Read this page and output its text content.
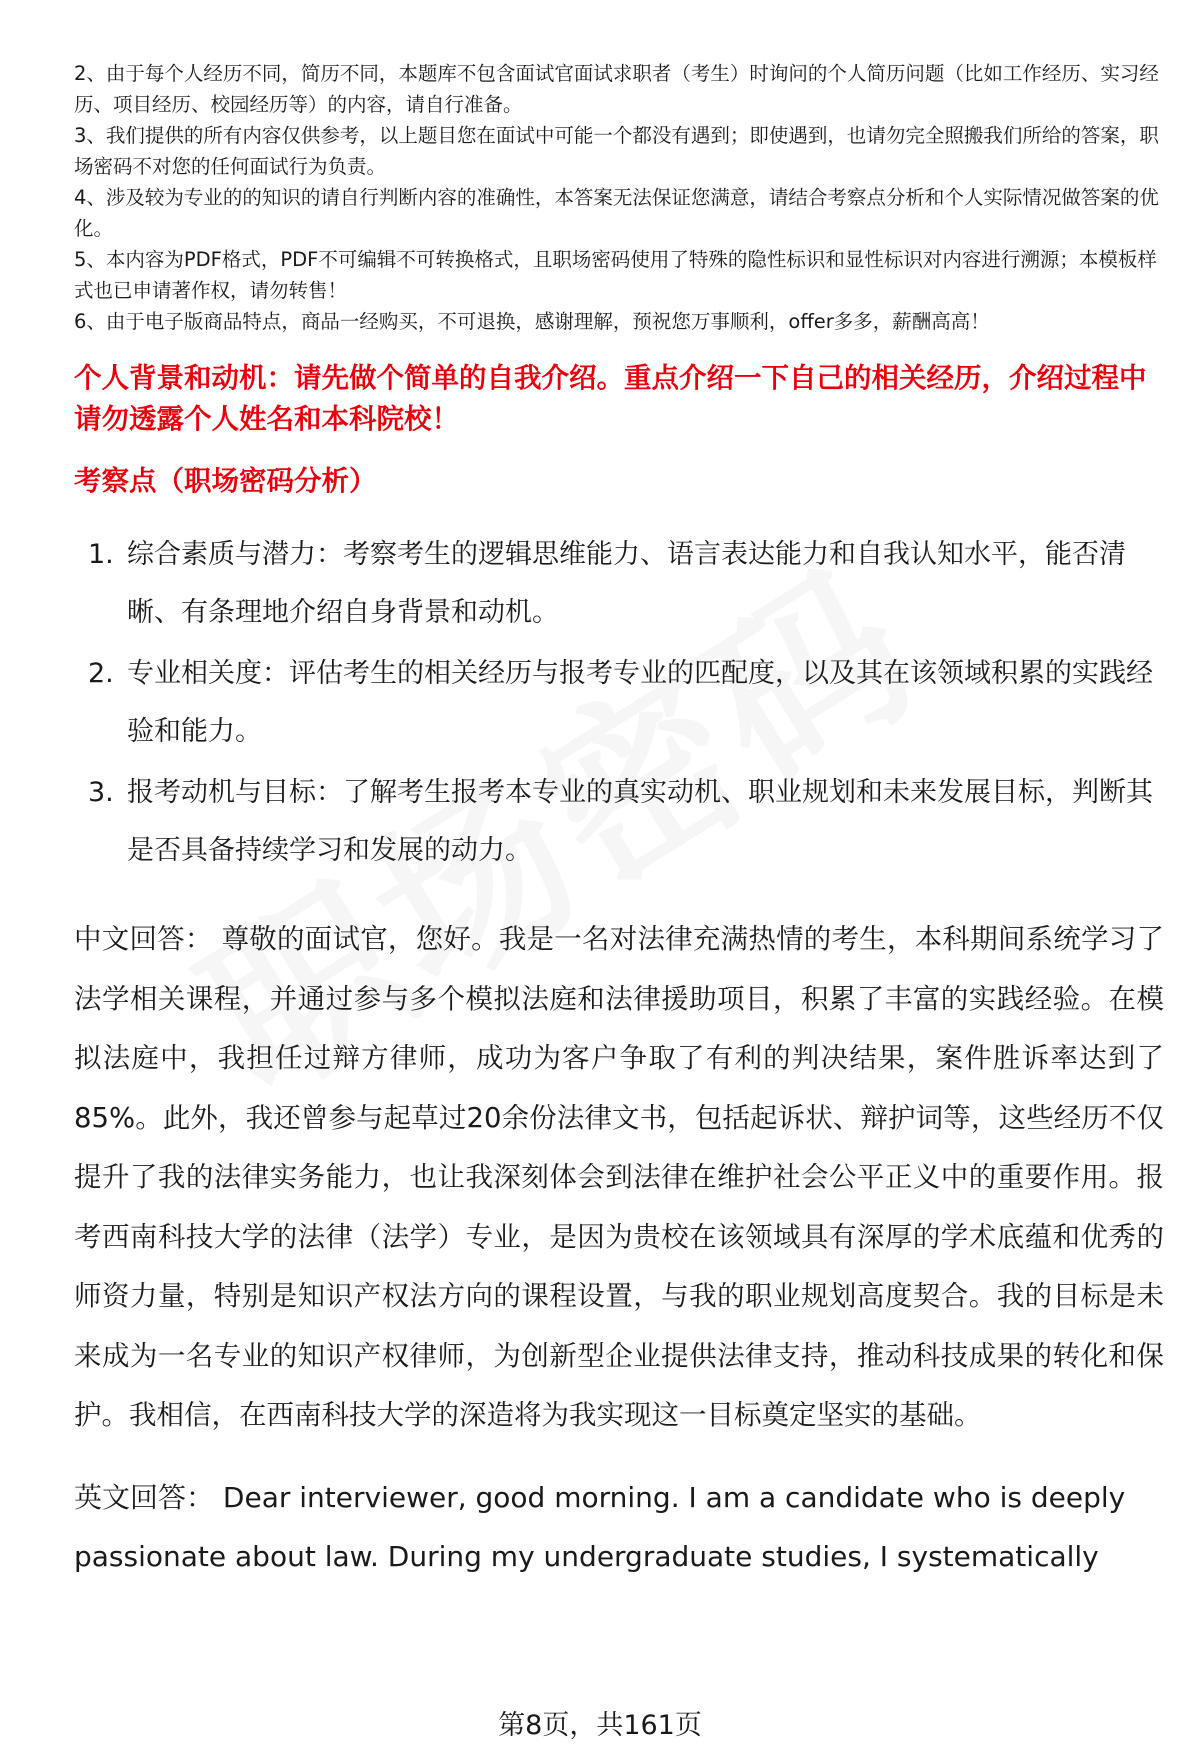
2、由于每个人经历不同，简历不同，本题库不包含面试官面试求职者（考生）时询问的个人简历问题（比如工作经历、实习经历、项目经历、校园经历等）的内容，请自行准备。
3、我们提供的所有内容仅供参考，以上题目您在面试中可能一个都没有遇到；即使遇到，也请勿完全照搬我们所给的答案，职场密码不对您的任何面试行为负责。
4、涉及较为专业的的知识的请自行判断内容的准确性，本答案无法保证您满意，请结合考察点分析和个人实际情况做答案的优化。
5、本内容为PDF格式，PDF不可编辑不可转换格式，且职场密码使用了特殊的隐性标识和显性标识对内容进行溯源；本模板样式也已申请著作权，请勿转售！
6、由于电子版商品特点，商品一经购买，不可退换，感谢理解，预祝您万事顺利，offer多多，薪酬高高！
个人背景和动机：请先做个简单的自我介绍。重点介绍一下自己的相关经历，介绍过程中请勿透露个人姓名和本科院校！
考察点（职场密码分析）
1. 综合素质与潜力：考察考生的逻辑思维能力、语言表达能力和自我认知水平，能否清晰、有条理地介绍自身背景和动机。
2. 专业相关度：评估考生的相关经历与报考专业的匹配度，以及其在该领域积累的实践经验和能力。
3. 报考动机与目标：了解考生报考本专业的真实动机、职业规划和未来发展目标，判断其是否具备持续学习和发展的动力。
中文回答： 尊敬的面试官，您好。我是一名对法律充满热情的考生，本科期间系统学习了法学相关课程，并通过参与多个模拟法庭和法律援助项目，积累了丰富的实践经验。在模拟法庭中，我担任过辩方律师，成功为客户争取了有利的判决结果，案件胜诉率达到了85%。此外，我还曾参与起草过20余份法律文书，包括起诉状、辩护词等，这些经历不仅提升了我的法律实务能力，也让我深刻体会到法律在维护社会公平正义中的重要作用。报考西南科技大学的法律（法学）专业，是因为贵校在该领域具有深厚的学术底蕴和优秀的师资力量，特别是知识产权法方向的课程设置，与我的职业规划高度契合。我的目标是未来成为一名专业的知识产权律师，为创新型企业提供法律支持，推动科技成果的转化和保护。我相信，在西南科技大学的深造将为我实现这一目标奠定坚实的基础。
英文回答： Dear interviewer, good morning. I am a candidate who is deeply passionate about law. During my undergraduate studies, I systematically
第8页，共161页
